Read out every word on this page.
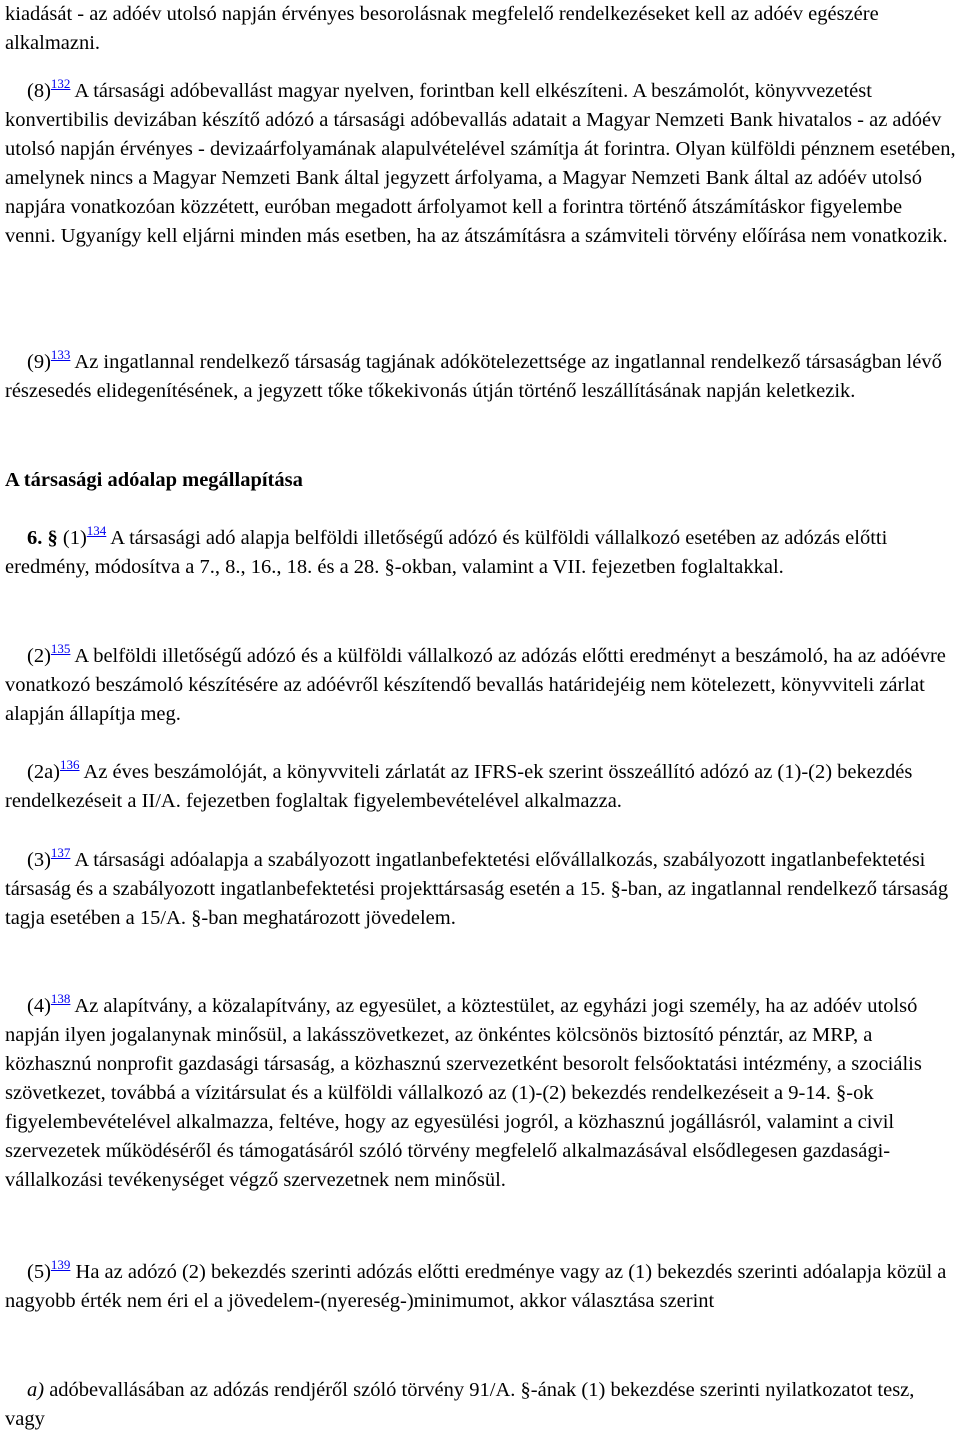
kiadását - az adóév utolsó napján érvényes besorolásnak megfelelő rendelkezéseket kell az adóév egészére alkalmazni.

(8)$^{132}$ A társasági adóbevallást magyar nyelven, forintban kell elkészíteni. A beszámolót, könyvvezetést konvertibilis devizában készítő adózó a társasági adóbevallás adatait a Magyar Nemzeti Bank hivatalos - az adóév utolsó napján érvényes - devizaárfolyamának alapulvételével számítja át forintra. Olyan külföldi pénznem esetében, amelynek nincs a Magyar Nemzeti Bank által jegyzett árfolyama, a Magyar Nemzeti Bank által az adóév utolsó napjára vonatkozóan közzétett, euróban megadott árfolyamot kell a forintra történő átszámításkor figyelembe venni. Ugyanígy kell eljárni minden más esetben, ha az átszámításra a számviteli törvény előírása nem vonatkozik.

(9)$^{133}$ Az ingatlannal rendelkező társaság tagjának adókötelezettsége az ingatlannal rendelkező társaságban lévő részesedés elidegenítésének, a jegyzett tőke tőkekivonás útján történő leszállításának napján keletkezik.

A társasági adóalap megállapítása

6. § (1)$^{134}$ A társasági adó alapja belföldi illetőségű adózó és külföldi vállalkozó esetében az adózás előtti eredmény, módosítva a 7., 8., 16., 18. és a 28. §-okban, valamint a VII. fejezetben foglaltakkal.

(2)$^{135}$ A belföldi illetőségű adózó és a külföldi vállalkozó az adózás előtti eredményt a beszámoló, ha az adóévre vonatkozó beszámoló készítésére az adóévről készítendő bevallás határidejéig nem kötelezett, könyvviteli zárlat alapján állapítja meg.

(2a)$^{136}$ Az éves beszámolóját, a könyvviteli zárlatát az IFRS-ek szerint összeállító adózó az (1)-(2) bekezdés rendelkezéseit a II/A. fejezetben foglaltak figyelembevételével alkalmazza.

(3)$^{137}$ A társasági adóalapja a szabályozott ingatlanbefektetési elővállalkozás, szabályozott ingatlanbefektetési társaság és a szabályozott ingatlanbefektetési projekttársaság esetén a 15. §-ban, az ingatlannal rendelkező társaság tagja esetében a 15/A. §-ban meghatározott jövedelem.

(4)$^{138}$ Az alapítvány, a közalapítvány, az egyesület, a köztestület, az egyházi jogi személy, ha az adóév utolsó napján ilyen jogalanynak minősül, a lakásszövetkezet, az önkéntes kölcsönös biztosító pénztár, az MRP, a közhasznú nonprofit gazdasági társaság, a közhasznú szervezetként besorolt felsőoktatási intézmény, a szociális szövetkezet, továbbá a vízitársulat és a külföldi vállalkozó az (1)-(2) bekezdés rendelkezéseit a 9-14. §-ok figyelembevételével alkalmazza, feltéve, hogy az egyesülési jogról, a közhasznú jogállásról, valamint a civil szervezetek működéséről és támogatásáról szóló törvény megfelelő alkalmazásával elsődlegesen gazdasági-vállalkozási tevékenységet végző szervezetnek nem minősül.

(5)$^{139}$ Ha az adózó (2) bekezdés szerinti adózás előtti eredménye vagy az (1) bekezdés szerinti adóalapja közül a nagyobb érték nem éri el a jövedelem-(nyereség-)minimumot, akkor választása szerint

a) adóbevallásában az adózás rendjéről szóló törvény 91/A. §-ának (1) bekezdése szerinti nyilatkozatot tesz, vagy
